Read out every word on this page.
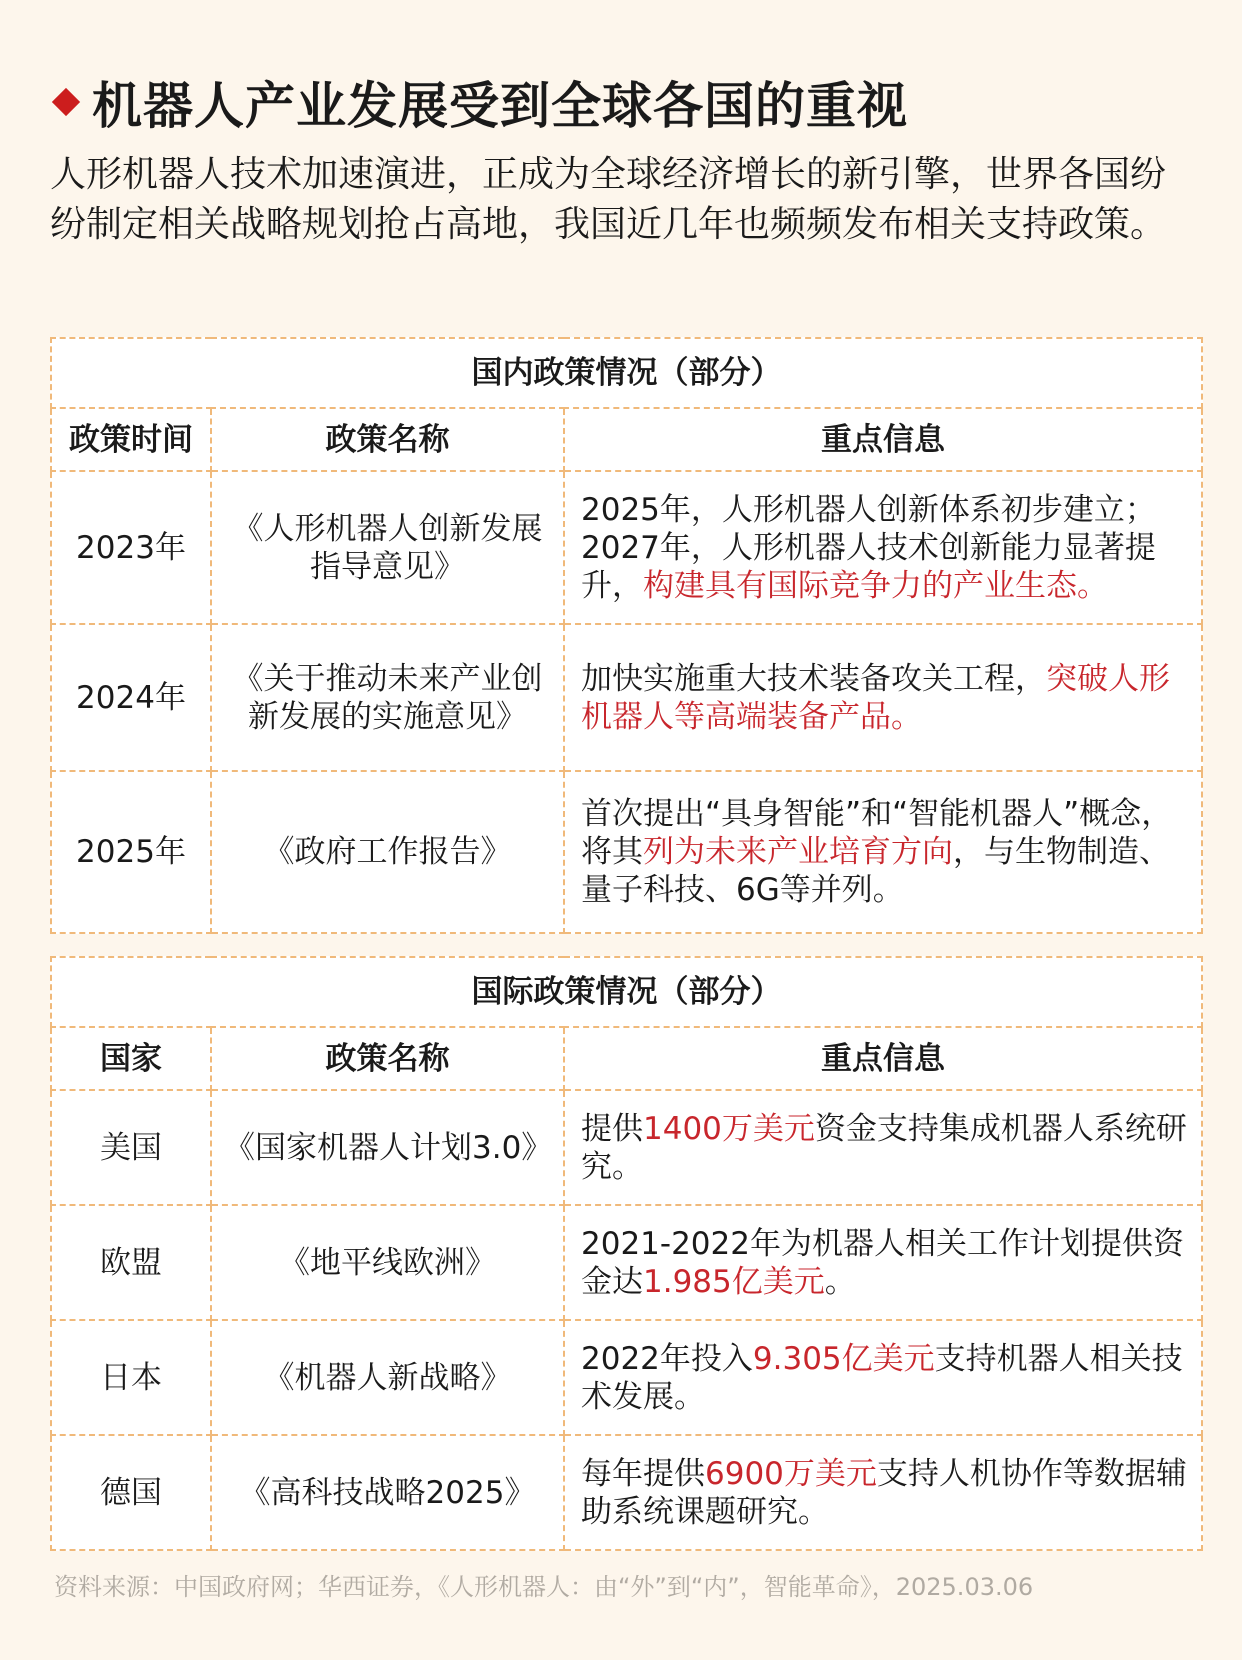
机器人产业发展受到全球各国的重视
人形机器人技术加速演进，正成为全球经济增长的新引擎，世界各国纷纷制定相关战略规划抢占高地，我国近几年也频频发布相关支持政策。
国内政策情况（部分）		
政策时间	政策名称	重点信息
2023年	《人形机器人创新发展指导意见》	2025年，人形机器人创新体系初步建立；2027年，人形机器人技术创新能力显著提升，构建具有国际竞争力的产业生态。
2024年	《关于推动未来产业创新发展的实施意见》	加快实施重大技术装备攻关工程，突破人形机器人等高端装备产品。
2025年	《政府工作报告》	首次提出“具身智能”和“智能机器人”概念，将其列为未来产业培育方向，与生物制造、量子科技、6G等并列。
国际政策情况（部分）		
国家	政策名称	重点信息
美国	《国家机器人计划3.0》	提供1400万美元资金支持集成机器人系统研究。
欧盟	《地平线欧洲》	2021-2022年为机器人相关工作计划提供资金达1.985亿美元。
日本	《机器人新战略》	2022年投入9.305亿美元支持机器人相关技术发展。
德国	《高科技战略2025》	每年提供6900万美元支持人机协作等数据辅助系统课题研究。
资料来源：中国政府网；华西证券，《人形机器人：由“外”到“内”，智能革命》，2025.03.06
